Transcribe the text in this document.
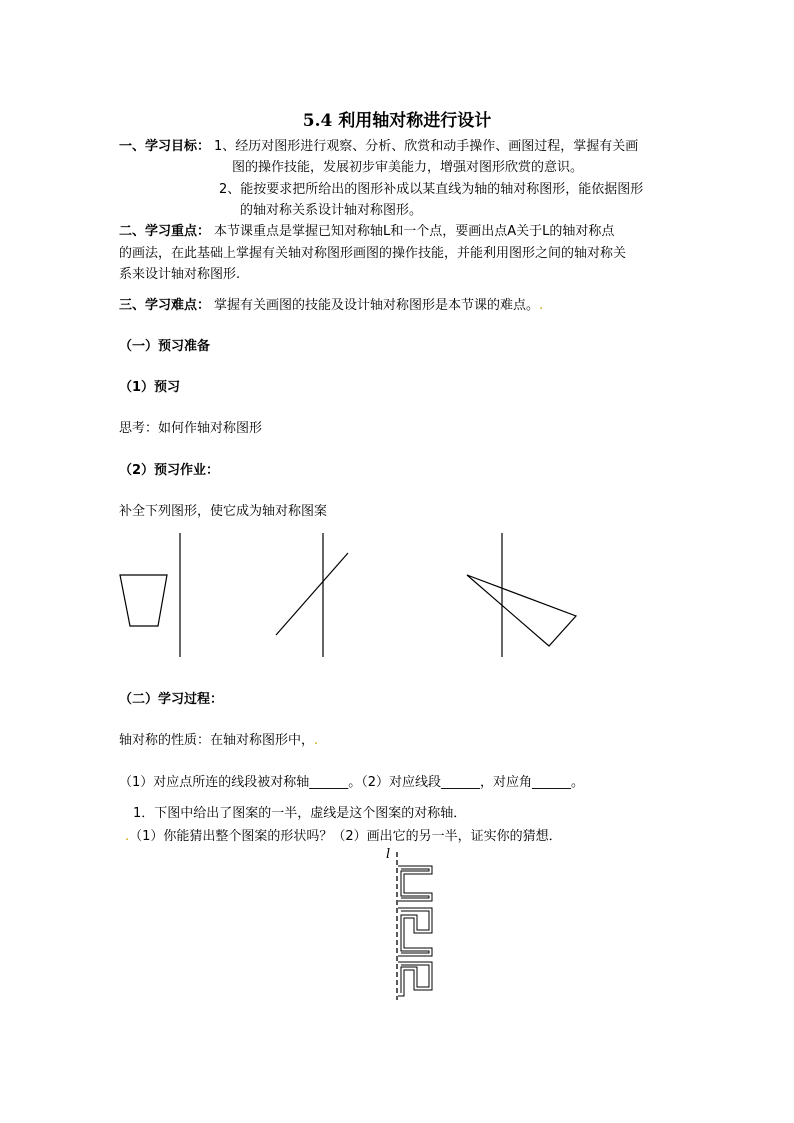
5.4 利用轴对称进行设计
一、学习目标： 1、经历对图形进行观察、分析、欣赏和动手操作、画图过程，掌握有关画
图的操作技能，发展初步审美能力，增强对图形欣赏的意识。
2、能按要求把所给出的图形补成以某直线为轴的轴对称图形，能依据图形
的轴对称关系设计轴对称图形。
二、学习重点： 本节课重点是掌握已知对称轴L和一个点，要画出点A关于L的轴对称点
的画法，在此基础上掌握有关轴对称图形画图的操作技能，并能利用图形之间的轴对称关
系来设计轴对称图形.
三、学习难点： 掌握有关画图的技能及设计轴对称图形是本节课的难点。.
（一）预习准备
（1）预习
思考：如何作轴对称图形
（2）预习作业：
补全下列图形，使它成为轴对称图案
（二）学习过程：
轴对称的性质：在轴对称图形中，.
（1）对应点所连的线段被对称轴______。（2）对应线段______，对应角______。
1．下图中给出了图案的一半，虚线是这个图案的对称轴．
.（1）你能猜出整个图案的形状吗？（2）画出它的另一半，证实你的猜想．
l
